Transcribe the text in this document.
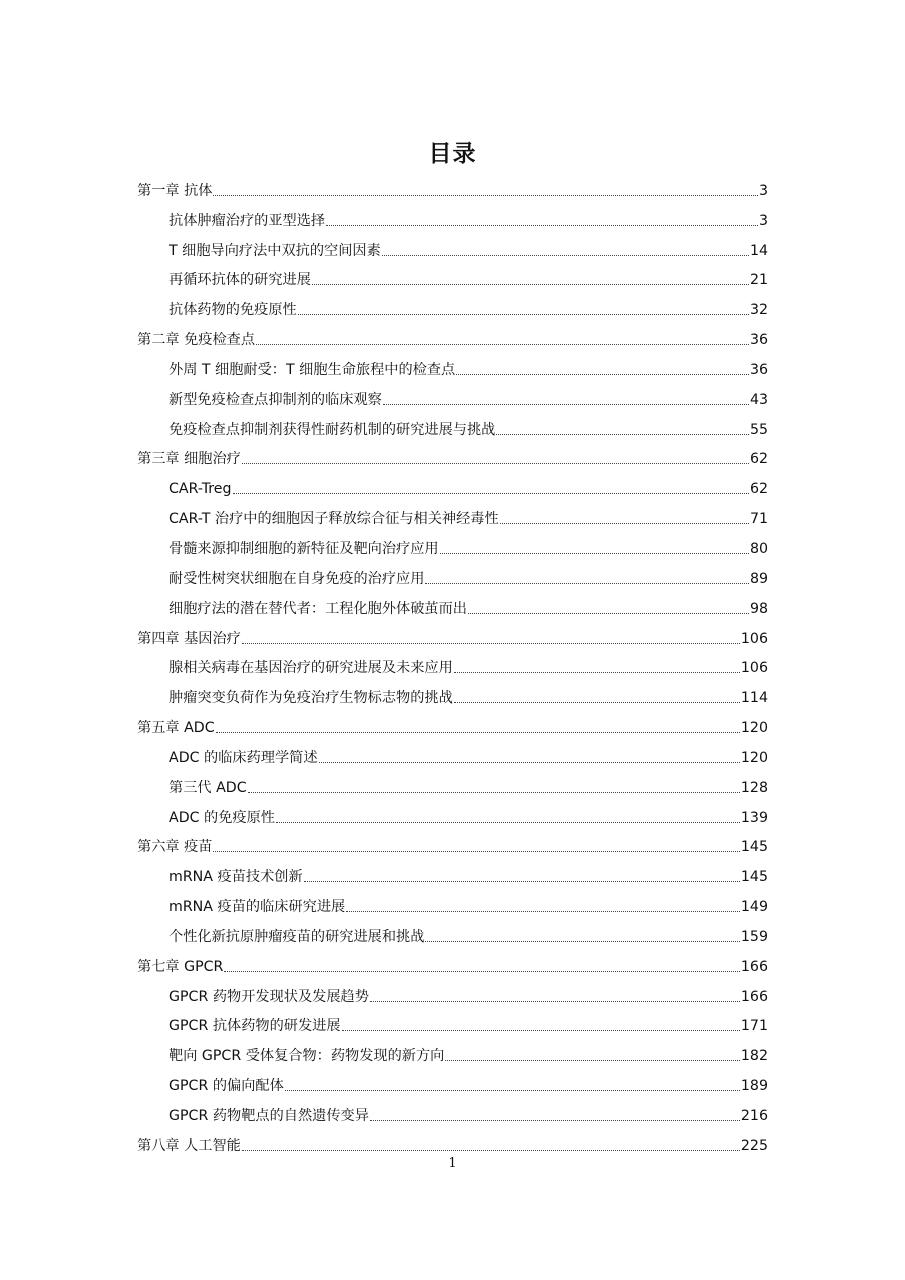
目录
第一章 抗体	3
抗体肿瘤治疗的亚型选择	3
T 细胞导向疗法中双抗的空间因素	14
再循环抗体的研究进展	21
抗体药物的免疫原性	32
第二章 免疫检查点	36
外周 T 细胞耐受：T 细胞生命旅程中的检查点	36
新型免疫检查点抑制剂的临床观察	43
免疫检查点抑制剂获得性耐药机制的研究进展与挑战	55
第三章 细胞治疗	62
CAR-Treg	62
CAR-T 治疗中的细胞因子释放综合征与相关神经毒性	71
骨髓来源抑制细胞的新特征及靶向治疗应用	80
耐受性树突状细胞在自身免疫的治疗应用	89
细胞疗法的潜在替代者：工程化胞外体破茧而出	98
第四章 基因治疗	106
腺相关病毒在基因治疗的研究进展及未来应用	106
肿瘤突变负荷作为免疫治疗生物标志物的挑战	114
第五章 ADC	120
ADC 的临床药理学简述	120
第三代 ADC	128
ADC 的免疫原性	139
第六章 疫苗	145
mRNA 疫苗技术创新	145
mRNA 疫苗的临床研究进展	149
个性化新抗原肿瘤疫苗的研究进展和挑战	159
第七章 GPCR	166
GPCR 药物开发现状及发展趋势	166
GPCR 抗体药物的研发进展	171
靶向 GPCR 受体复合物：药物发现的新方向	182
GPCR 的偏向配体	189
GPCR 药物靶点的自然遗传变异	216
第八章 人工智能	225
1
